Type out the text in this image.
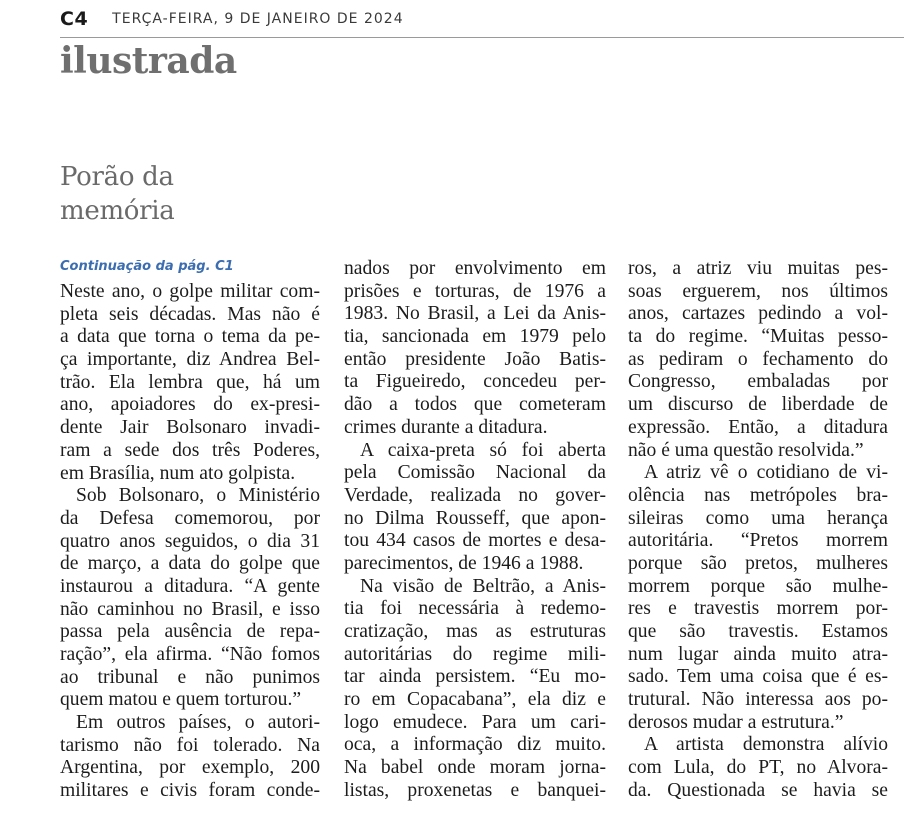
C4 TERÇA-FEIRA, 9 DE JANEIRO DE 2024
ilustrada
Porão da
memória
Continuação da pág. C1
Neste ano, o golpe militar com-
pleta seis décadas. Mas não é
a data que torna o tema da pe-
ça importante, diz Andrea Bel-
trão. Ela lembra que, há um
ano, apoiadores do ex-presi-
dente Jair Bolsonaro invadi-
ram a sede dos três Poderes,
em Brasília, num ato golpista.
Sob Bolsonaro, o Ministério
da Defesa comemorou, por
quatro anos seguidos, o dia 31
de março, a data do golpe que
instaurou a ditadura. “A gente
não caminhou no Brasil, e isso
passa pela ausência de repa-
ração”, ela afirma. “Não fomos
ao tribunal e não punimos
quem matou e quem torturou.”
Em outros países, o autori-
tarismo não foi tolerado. Na
Argentina, por exemplo, 200
militares e civis foram conde-
nados por envolvimento em
prisões e torturas, de 1976 a
1983. No Brasil, a Lei da Anis-
tia, sancionada em 1979 pelo
então presidente João Batis-
ta Figueiredo, concedeu per-
dão a todos que cometeram
crimes durante a ditadura.
A caixa-preta só foi aberta
pela Comissão Nacional da
Verdade, realizada no gover-
no Dilma Rousseff, que apon-
tou 434 casos de mortes e desa-
parecimentos, de 1946 a 1988.
Na visão de Beltrão, a Anis-
tia foi necessária à redemo-
cratização, mas as estruturas
autoritárias do regime mili-
tar ainda persistem. “Eu mo-
ro em Copacabana”, ela diz e
logo emudece. Para um cari-
oca, a informação diz muito.
Na babel onde moram jorna-
listas, proxenetas e banquei-
ros, a atriz viu muitas pes-
soas erguerem, nos últimos
anos, cartazes pedindo a vol-
ta do regime. “Muitas pesso-
as pediram o fechamento do
Congresso, embaladas por
um discurso de liberdade de
expressão. Então, a ditadura
não é uma questão resolvida.”
A atriz vê o cotidiano de vi-
olência nas metrópoles bra-
sileiras como uma herança
autoritária. “Pretos morrem
porque são pretos, mulheres
morrem porque são mulhe-
res e travestis morrem por-
que são travestis. Estamos
num lugar ainda muito atra-
sado. Tem uma coisa que é es-
trutural. Não interessa aos po-
derosos mudar a estrutura.”
A artista demonstra alívio
com Lula, do PT, no Alvora-
da. Questionada se havia se
